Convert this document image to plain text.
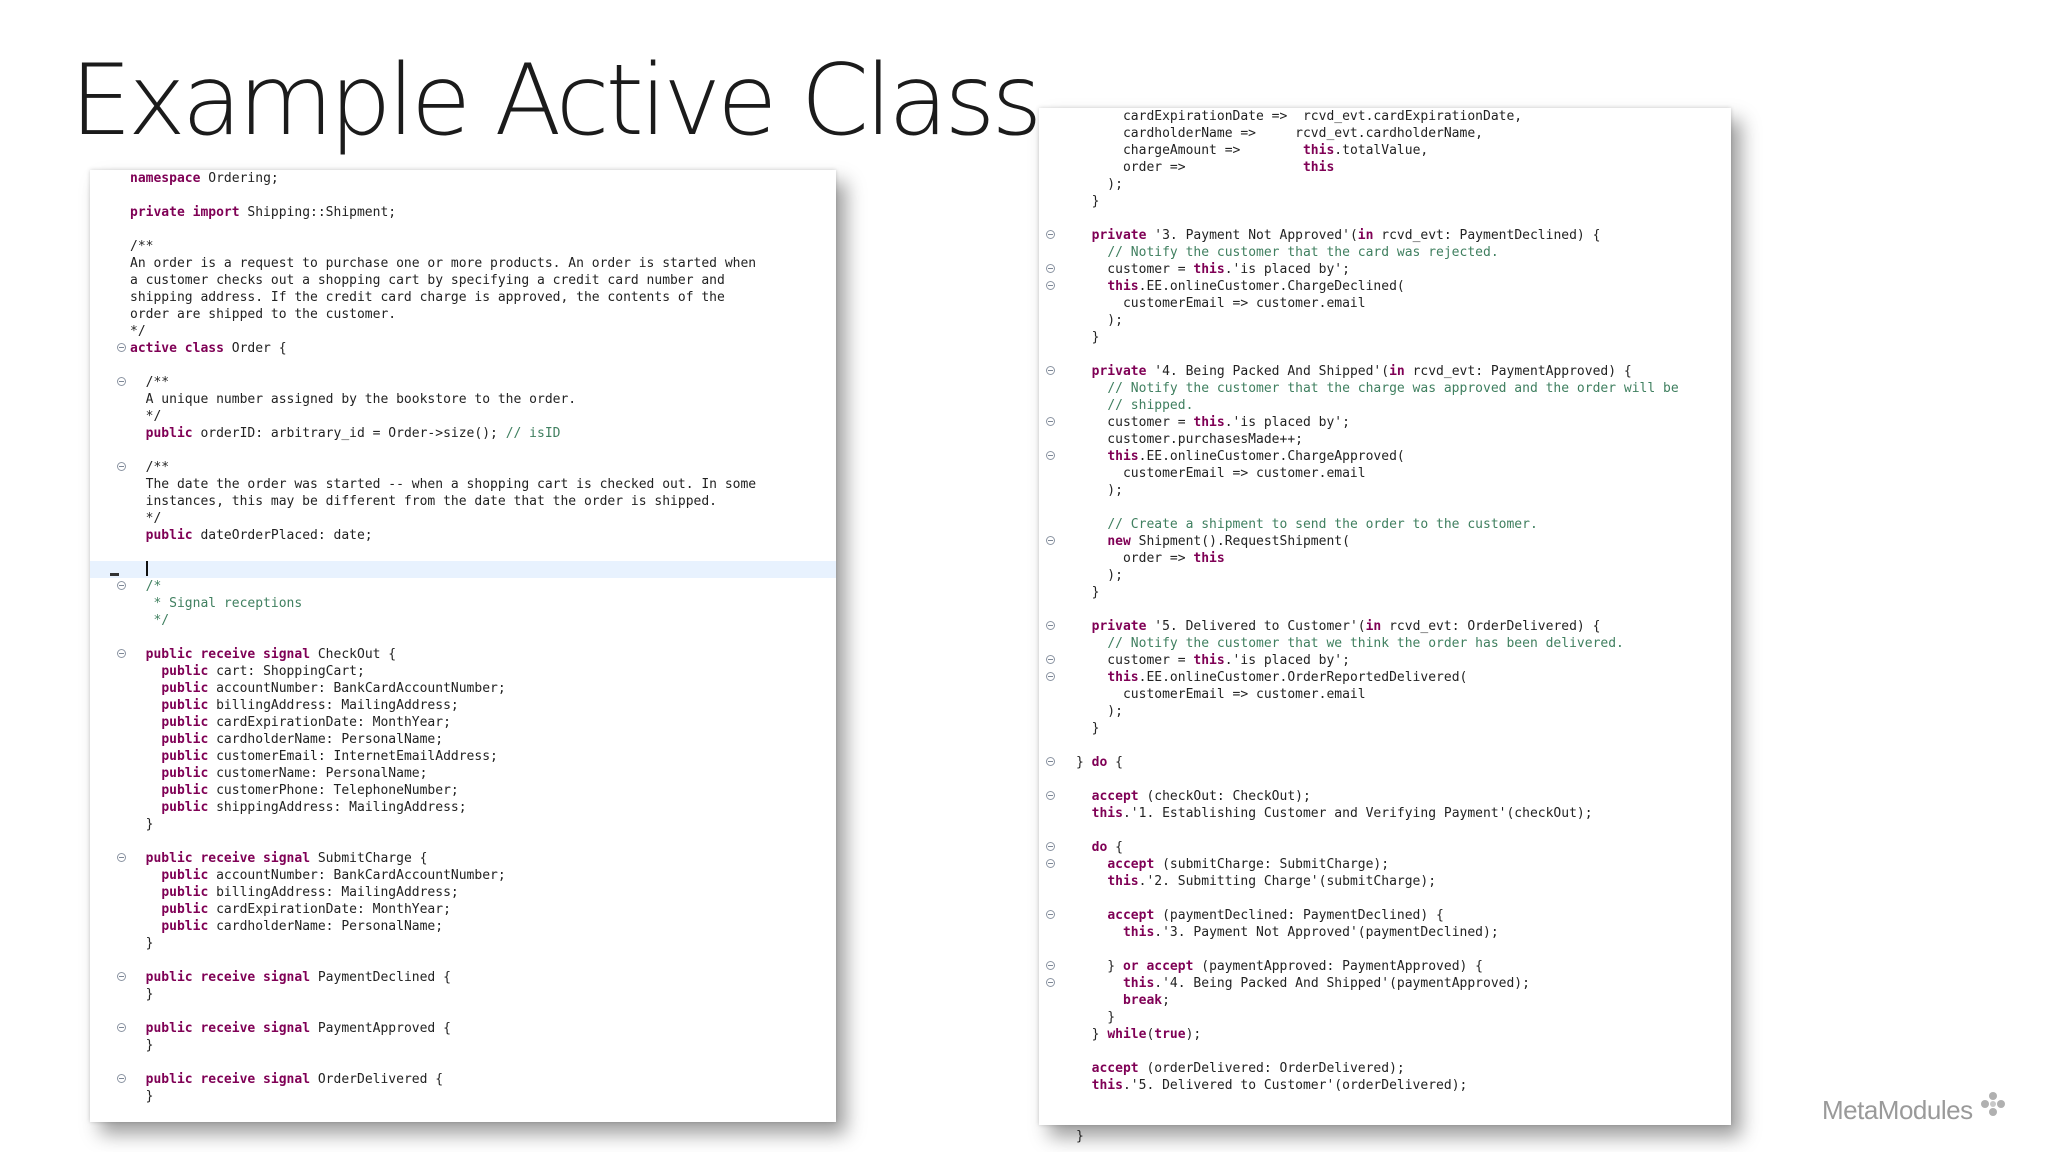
Example Active Class
namespace Ordering;
private import Shipping::Shipment;
/**
An order is a request to purchase one or more products. An order is started when
a customer checks out a shopping cart by specifying a credit card number and
shipping address. If the credit card charge is approved, the contents of the
order are shipped to the customer.
*/
active class Order {
/**
A unique number assigned by the bookstore to the order.
*/
public orderID: arbitrary_id = Order->size(); // isID
/**
The date the order was started -- when a shopping cart is checked out. In some
instances, this may be different from the date that the order is shipped.
*/
public dateOrderPlaced: date;

/*
* Signal receptions
*/
public receive signal CheckOut {
public cart: ShoppingCart;
public accountNumber: BankCardAccountNumber;
public billingAddress: MailingAddress;
public cardExpirationDate: MonthYear;
public cardholderName: PersonalName;
public customerEmail: InternetEmailAddress;
public customerName: PersonalName;
public customerPhone: TelephoneNumber;
public shippingAddress: MailingAddress;
}
public receive signal SubmitCharge {
public accountNumber: BankCardAccountNumber;
public billingAddress: MailingAddress;
public cardExpirationDate: MonthYear;
public cardholderName: PersonalName;
}
public receive signal PaymentDeclined {
}
public receive signal PaymentApproved {
}
public receive signal OrderDelivered {
}
cardExpirationDate =>  rcvd_evt.cardExpirationDate,
cardholderName =>     rcvd_evt.cardholderName,
chargeAmount =>        this.totalValue,
order =>               this
);
}
private '3. Payment Not Approved'(in rcvd_evt: PaymentDeclined) {
// Notify the customer that the card was rejected.
customer = this.'is placed by';
this.EE.onlineCustomer.ChargeDeclined(
customerEmail => customer.email
);
}
private '4. Being Packed And Shipped'(in rcvd_evt: PaymentApproved) {
// Notify the customer that the charge was approved and the order will be
// shipped.
customer = this.'is placed by';
customer.purchasesMade++;
this.EE.onlineCustomer.ChargeApproved(
customerEmail => customer.email
);
// Create a shipment to send the order to the customer.
new Shipment().RequestShipment(
order => this
);
}
private '5. Delivered to Customer'(in rcvd_evt: OrderDelivered) {
// Notify the customer that we think the order has been delivered.
customer = this.'is placed by';
this.EE.onlineCustomer.OrderReportedDelivered(
customerEmail => customer.email
);
}
} do {
accept (checkOut: CheckOut);
this.'1. Establishing Customer and Verifying Payment'(checkOut);
do {
accept (submitCharge: SubmitCharge);
this.'2. Submitting Charge'(submitCharge);
accept (paymentDeclined: PaymentDeclined) {
this.'3. Payment Not Approved'(paymentDeclined);
} or accept (paymentApproved: PaymentApproved) {
this.'4. Being Packed And Shipped'(paymentApproved);
break;
}
} while(true);
accept (orderDelivered: OrderDelivered);
this.'5. Delivered to Customer'(orderDelivered);
}
MetaModules
